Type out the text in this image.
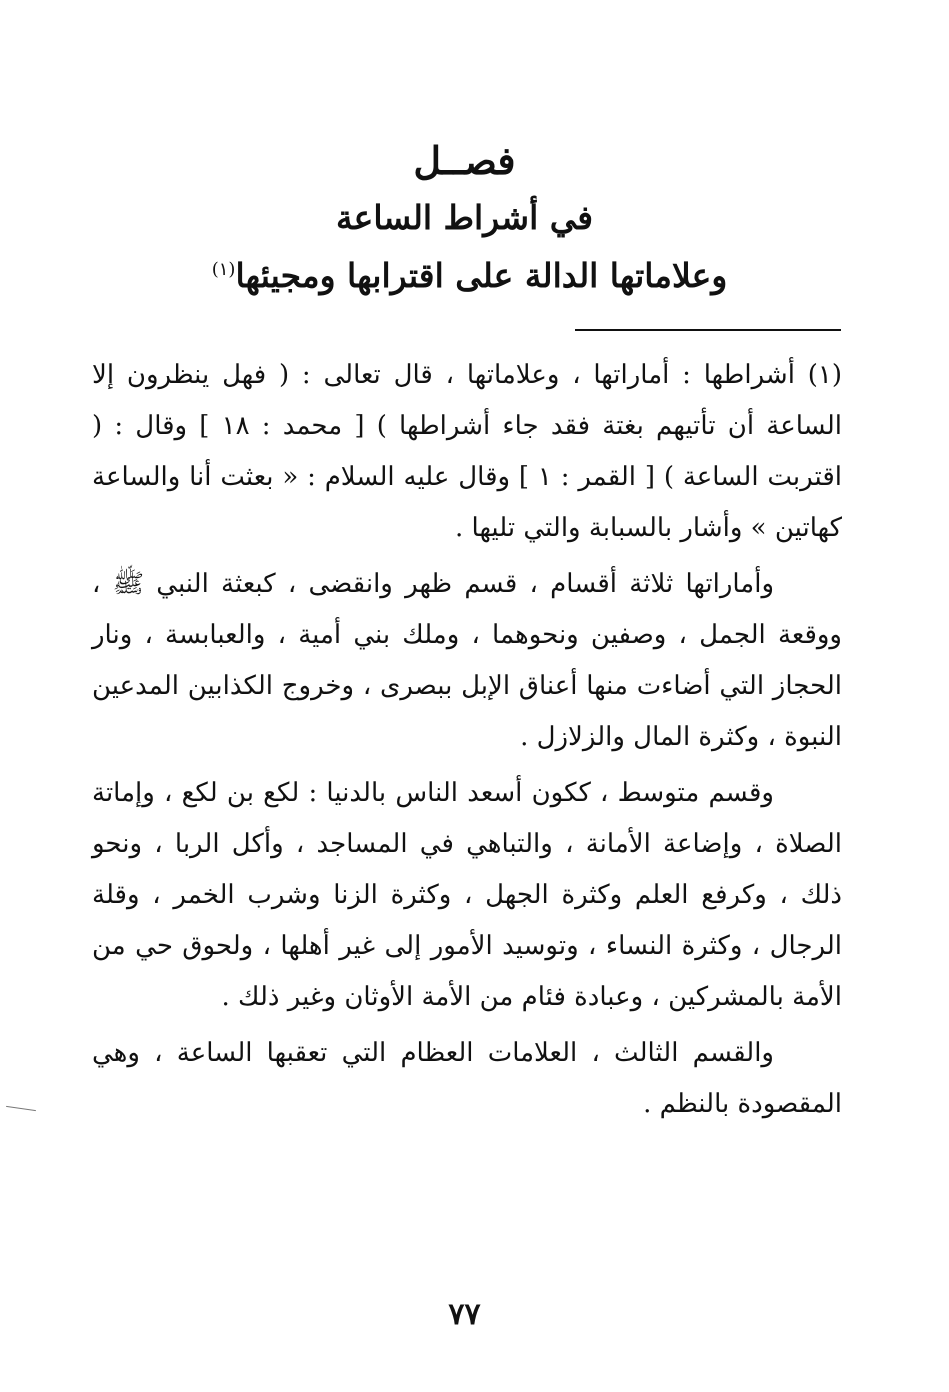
فصــل
في أشراط الساعة
وعلاماتها الدالة على اقترابها ومجيئها$^{(١)}$

(١) أشراطها : أماراتها ، وعلاماتها ، قال تعالى : ( فهل ينظرون إلا الساعة أن تأتيهم بغتة فقد جاء أشراطها ) [ محمد : ١٨ ] وقال : ( اقتربت الساعة ) [ القمر : ١ ] وقال عليه السلام : « بعثت أنا والساعة كهاتين » وأشار بالسبابة والتي تليها .

وأماراتها ثلاثة أقسام ، قسم ظهر وانقضى ، كبعثة النبي ﷺ ، ووقعة الجمل ، وصفين ونحوهما ، وملك بني أمية ، والعبابسة ، ونار الحجاز التي أضاءت منها أعناق الإبل ببصرى ، وخروج الكذابين المدعين النبوة ، وكثرة المال والزلازل .

وقسم متوسط ، ككون أسعد الناس بالدنيا : لكع بن لكع ، وإماتة الصلاة ، وإضاعة الأمانة ، والتباهي في المساجد ، وأكل الربا ، ونحو ذلك ، وكرفع العلم وكثرة الجهل ، وكثرة الزنا وشرب الخمر ، وقلة الرجال ، وكثرة النساء ، وتوسيد الأمور إلى غير أهلها ، ولحوق حي من الأمة بالمشركين ، وعبادة فئام من الأمة الأوثان وغير ذلك .

والقسم الثالث ، العلامات العظام التي تعقبها الساعة ، وهي المقصودة بالنظم .

٧٧
